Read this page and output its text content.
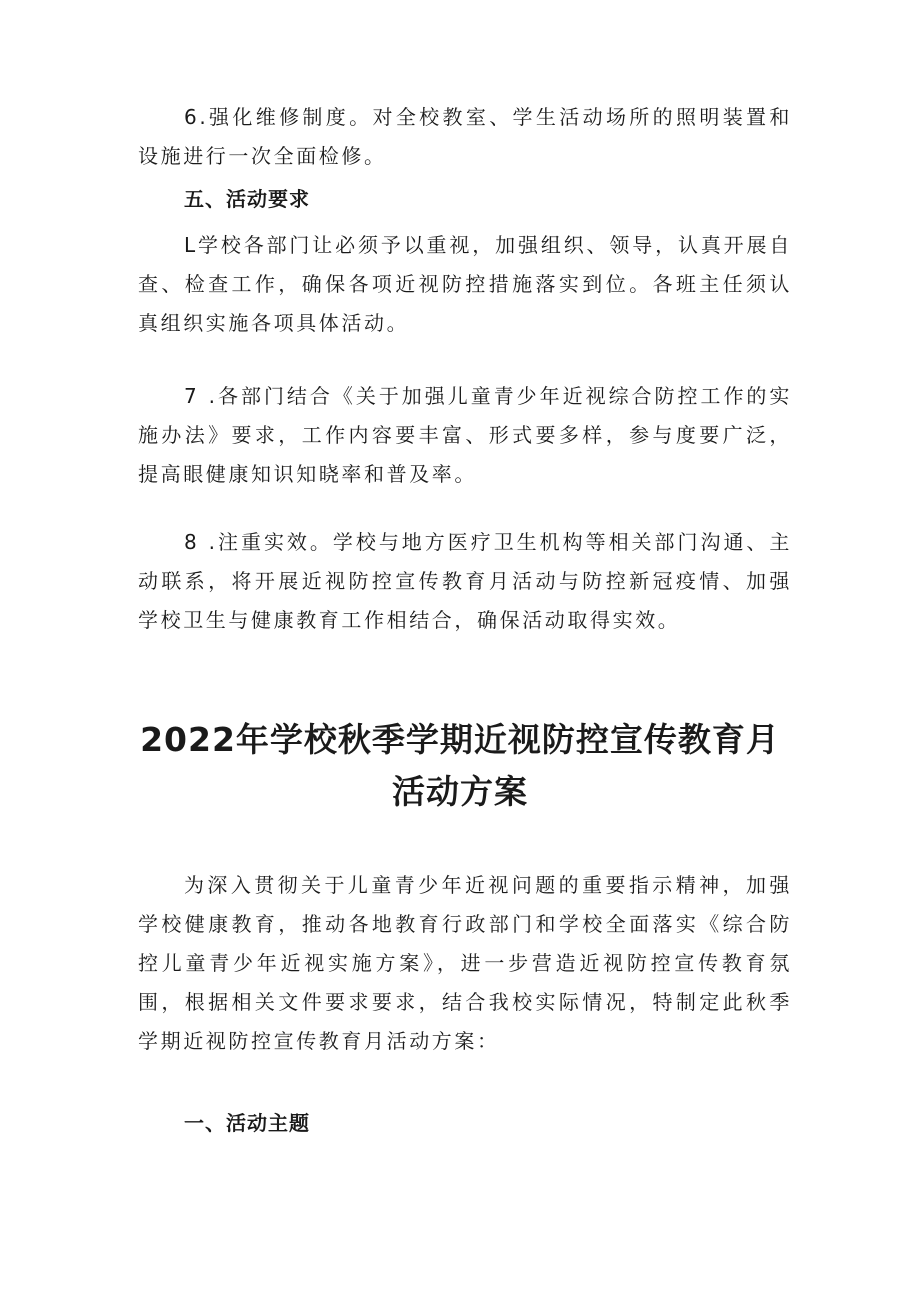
6.强化维修制度。对全校教室、学生活动场所的照明装置和设施进行一次全面检修。

五、活动要求

L学校各部门让必须予以重视，加强组织、领导，认真开展自查、检查工作，确保各项近视防控措施落实到位。各班主任须认真组织实施各项具体活动。

7 .各部门结合《关于加强儿童青少年近视综合防控工作的实施办法》要求，工作内容要丰富、形式要多样，参与度要广泛，提高眼健康知识知晓率和普及率。

8 .注重实效。学校与地方医疗卫生机构等相关部门沟通、主动联系，将开展近视防控宣传教育月活动与防控新冠疫情、加强学校卫生与健康教育工作相结合，确保活动取得实效。

2022年学校秋季学期近视防控宣传教育月
活动方案

为深入贯彻关于儿童青少年近视问题的重要指示精神，加强学校健康教育，推动各地教育行政部门和学校全面落实《综合防控儿童青少年近视实施方案》，进一步营造近视防控宣传教育氛围，根据相关文件要求要求，结合我校实际情况，特制定此秋季学期近视防控宣传教育月活动方案：

一、活动主题
